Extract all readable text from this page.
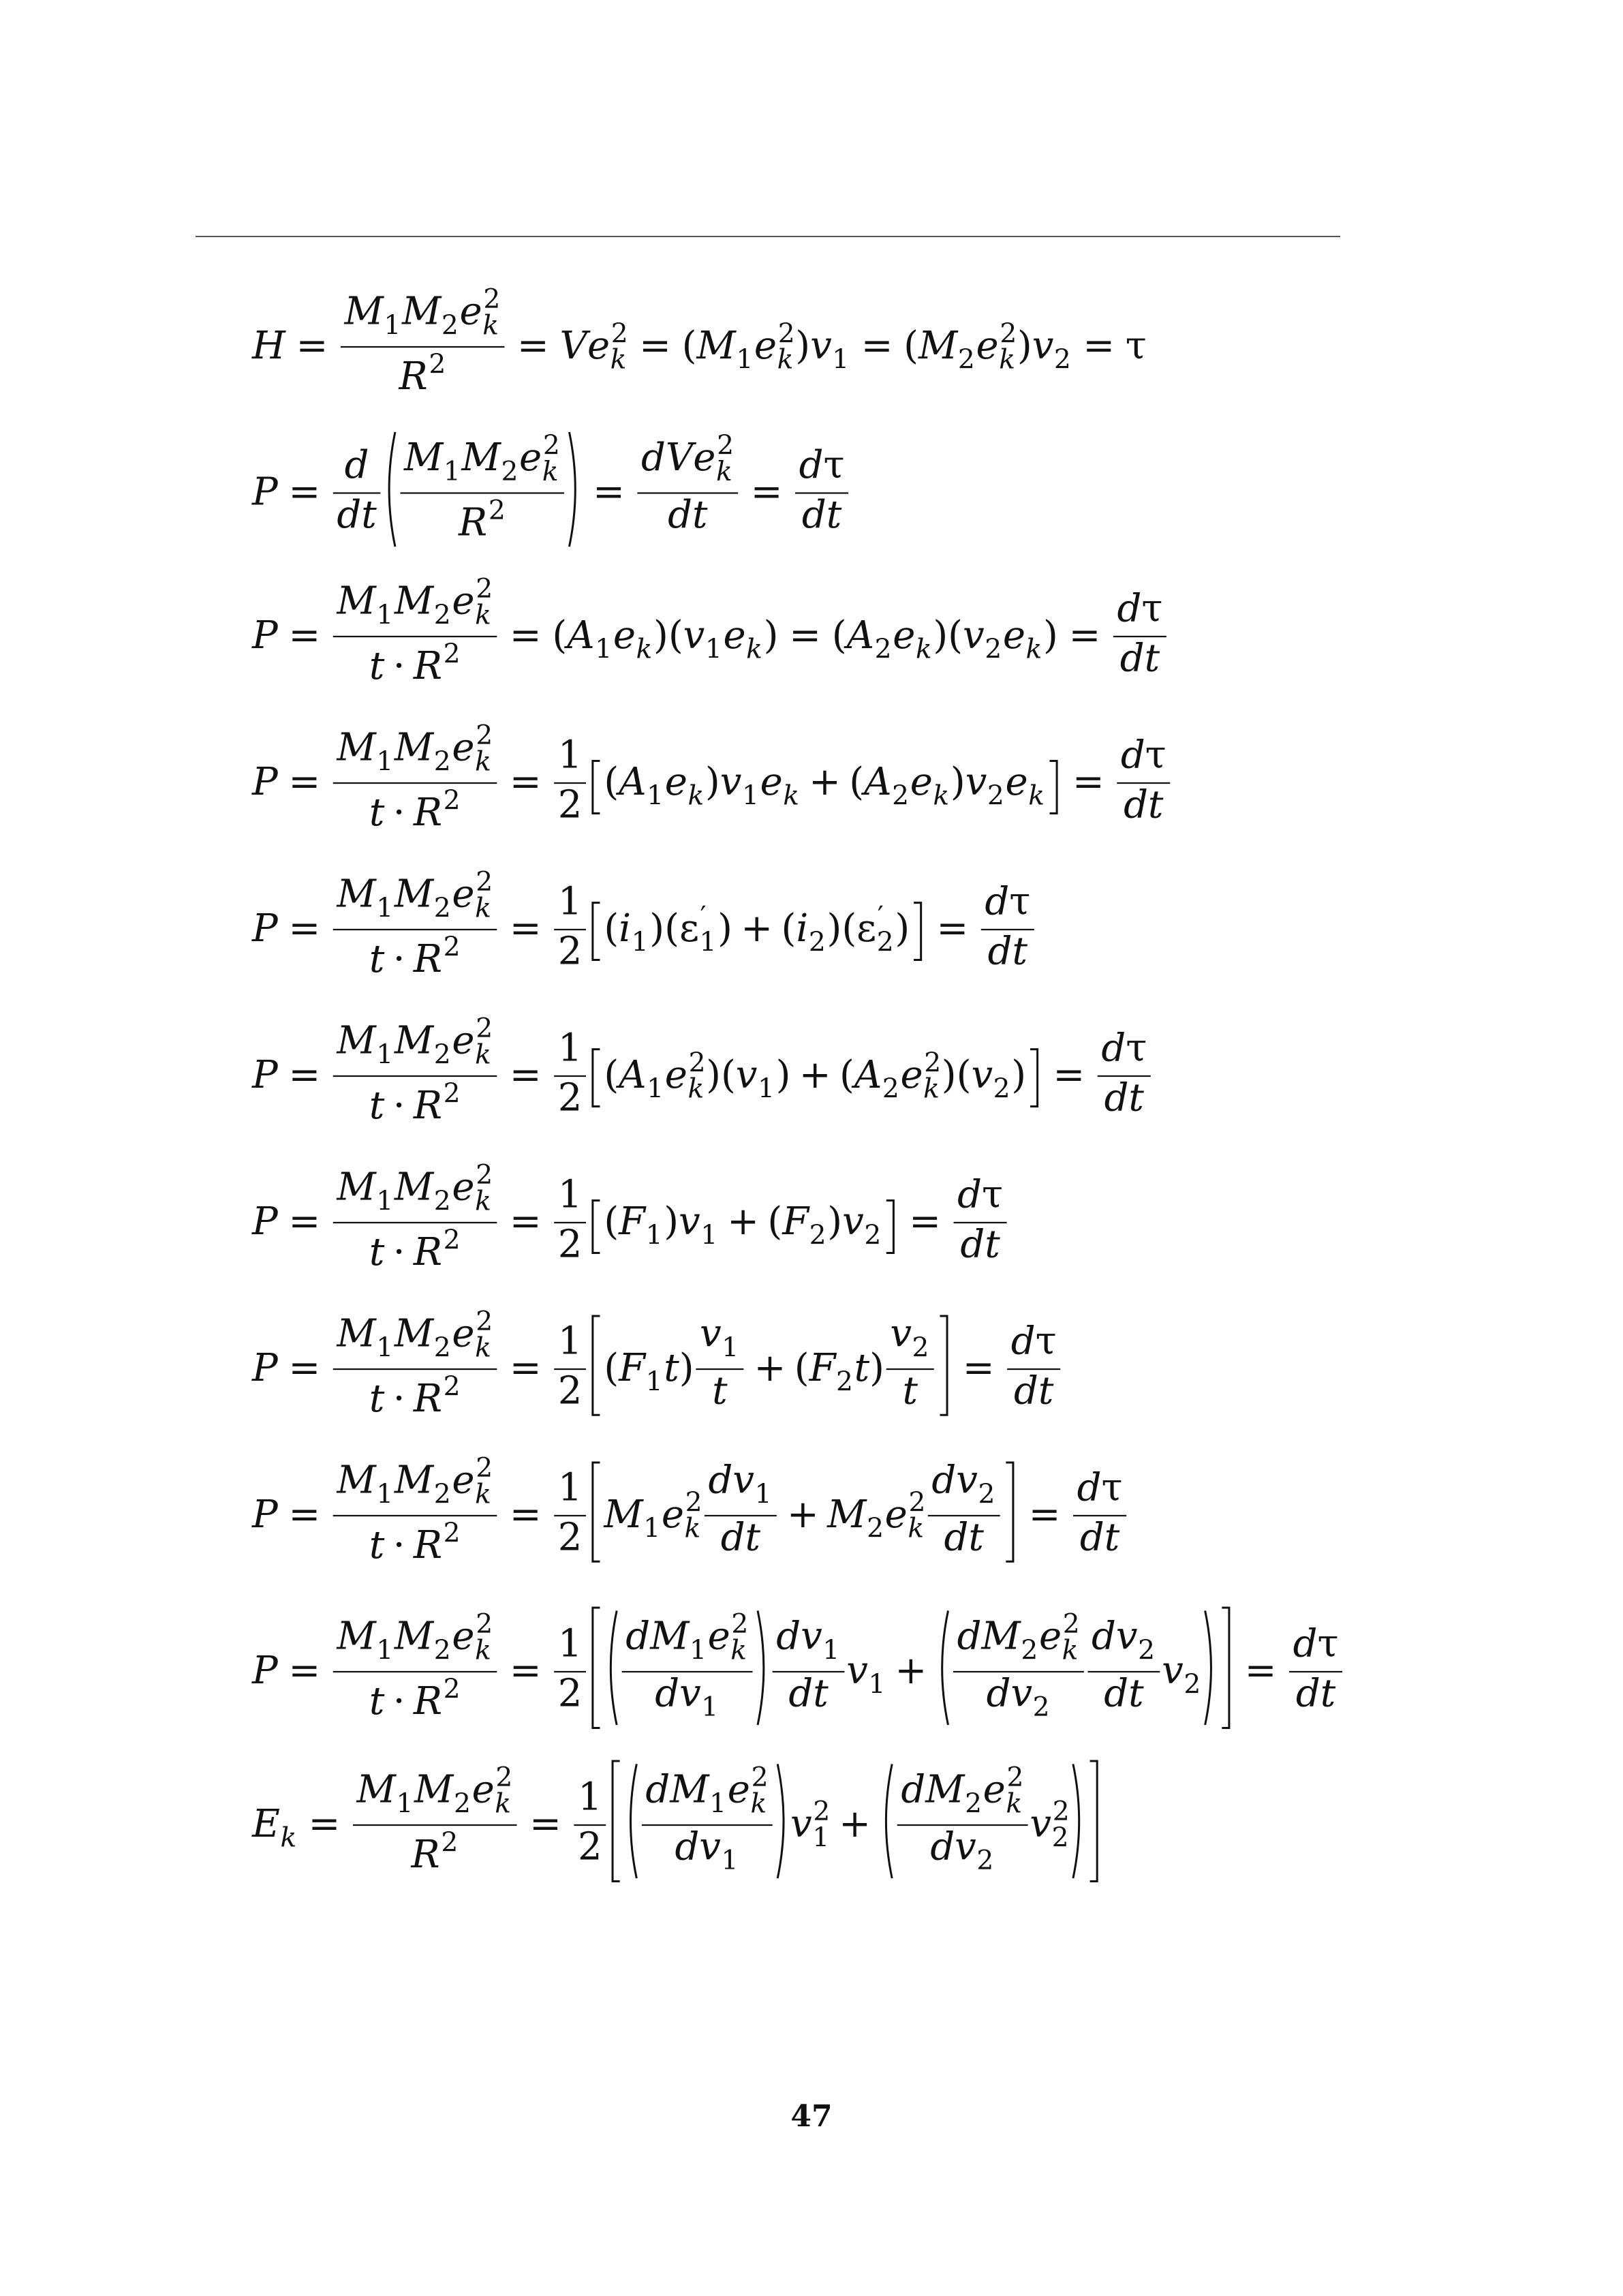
H =
M 1 M 2 e 2
k
R 2 = V e 2
k = ( M 1 e 2
k ) v 1 = ( M 2 e 2
k ) v 2 = τ
P =
d
d t
M 1 M 2 e 2
k
R 2 =
d V e 2
k
d t
=
d τ
d t
P =
M 1 M 2 e 2
k
t · R 2 = ( A 1 e k ) ( v 1 e k ) = ( A 2 e k ) ( v 2 e k ) =
d τ
d t
P =
M 1 M 2 e 2
k
t · R 2 =
1
2
( A 1 e k ) v 1 e k + ( A 2 e k ) v 2 e k =
d τ
d t
P =
M 1 M 2 e 2
k
t · R 2 =
1
2
( i 1 ) ( ε ′
1 ) + ( i 2 ) ( ε ′
2 ) =
d τ
d t
P =
M 1 M 2 e 2
k
t · R 2 =
1
2
( A 1 e 2
k ) ( v 1 ) + ( A 2 e 2
k ) ( v 2 ) =
d τ
d t
P =
M 1 M 2 e 2
k
t · R 2 =
1
2
( F 1 ) v 1 + ( F 2 ) v 2 =
d τ
d t
P =
M 1 M 2 e 2
k
t · R 2 =
1
2
( F 1 t )
v 1
t
+ ( F 2 t )
v 2
t
=
d τ
d t
P =
M 1 M 2 e 2
k
t · R 2 =
1
2
M 1 e 2
k
d v 1
d t
+ M 2 e 2
k
d v 2
d t
=
d τ
d t
P =
M 1 M 2 e 2
k
t · R 2 =
1
2
d M 1 e 2
k
d v 1
d v 1
d t
v 1 +
d M 2 e 2
k
d v 2
d v 2
d t
v 2 =
d τ
d t
E k =
M 1 M 2 e 2
k
R 2 =
1
2
d M 1 e 2
k
d v 1
v 2
1 +
d M 2 e 2
k
d v 2
v 2
2
47
